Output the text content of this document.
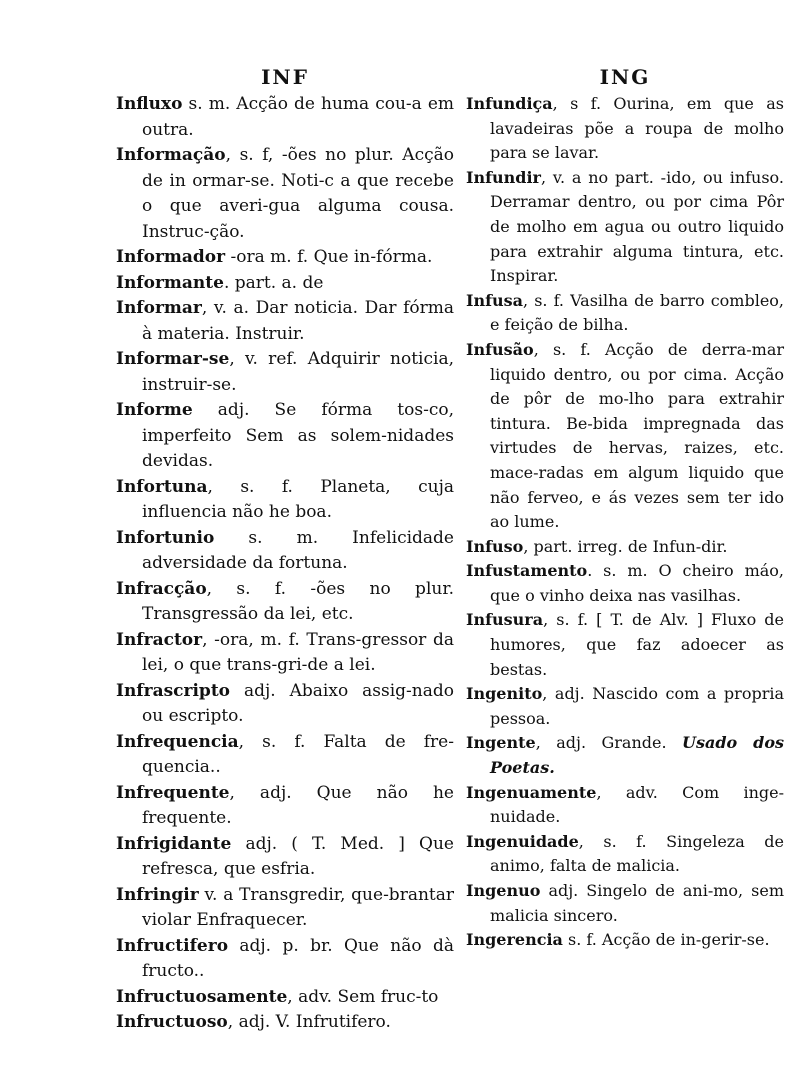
INF
Influxo s. m. Acção de huma cou-a em outra.
Informação, s. f, -ões no plur. Acção de in ormar-se. Noti-c a que recebe o que averi-gua alguma cousa. Instruc-ção.
Informador -ora m. f. Que in-fórma.
Informante. part. a. de
Informar, v. a. Dar noticia. Dar fórma à materia. Instruir.
Informar-se, v. ref. Adquirir noticia, instruir-se.
Informe adj. Se fórma tos-co, imperfeito Sem as solem-nidades devidas.
Infortuna, s. f. Planeta, cuja influencia não he boa.
Infortunio s. m. Infelicidade adversidade da fortuna.
Infracção, s. f. -ões no plur. Transgressão da lei, etc.
Infractor, -ora, m. f. Trans-gressor da lei, o que trans-gri-de a lei.
Infrascripto adj. Abaixo assig-nado ou escripto.
Infrequencia, s. f. Falta de fre-quencia..
Infrequente, adj. Que não he frequente.
Infrigidante adj. ( T. Med. ] Que refresca, que esfria.
Infringir v. a Transgredir, que-brantar violar Enfraquecer.
Infructifero adj. p. br. Que não dà fructo..
Infructuosamente, adv. Sem fruc-to
Infructuoso, adj. V. Infrutifero.
ING
Infundiça, s f. Ourina, em que as lavadeiras põe a roupa de molho para se lavar.
Infundir, v. a no part. -ido, ou infuso. Derramar dentro, ou por cima Pôr de molho em agua ou outro liquido para extrahir alguma tintura, etc. Inspirar.
Infusa, s. f. Vasilha de barro combleo, e feição de bilha.
Infusão, s. f. Acção de derra-mar liquido dentro, ou por cima. Acção de pôr de mo-lho para extrahir tintura. Be-bida impregnada das virtudes de hervas, raizes, etc. mace-radas em algum liquido que não ferveo, e ás vezes sem ter ido ao lume.
Infuso, part. irreg. de Infun-dir.
Infustamento. s. m. O cheiro máo, que o vinho deixa nas vasilhas.
Infusura, s. f. [ T. de Alv. ] Fluxo de humores, que faz adoecer as bestas.
Ingenito, adj. Nascido com a propria pessoa.
Ingente, adj. Grande. Usado dos Poetas.
Ingenuamente, adv. Com inge-nuidade.
Ingenuidade, s. f. Singeleza de animo, falta de malicia.
Ingenuo adj. Singelo de ani-mo, sem malicia sincero.
Ingerencia s. f. Acção de in-gerir-se.
